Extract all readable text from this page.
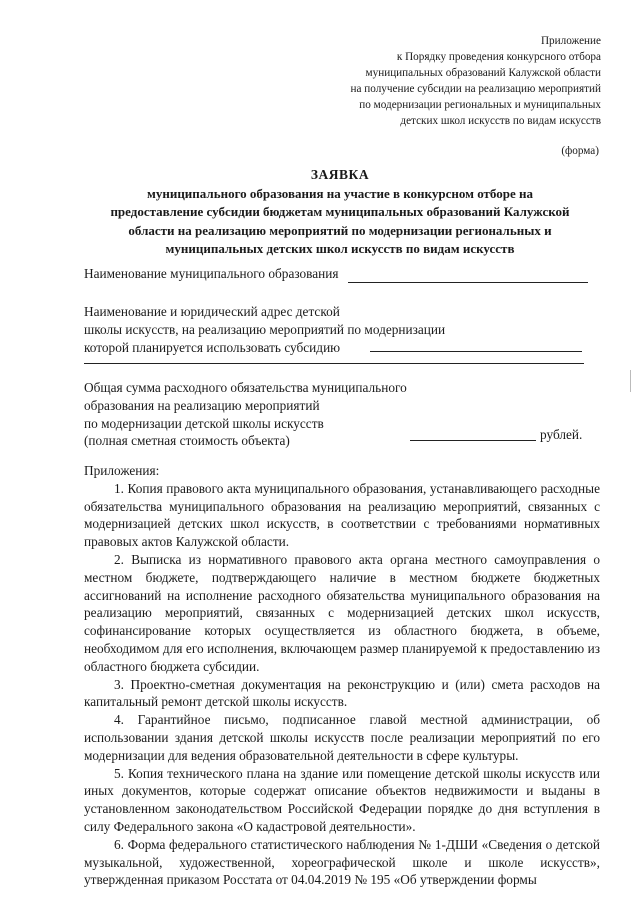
Приложение
к Порядку проведения конкурсного отбора
муниципальных образований Калужской области
на получение субсидии на реализацию мероприятий
по модернизации региональных и муниципальных
детских школ искусств по видам искусств
(форма)
ЗАЯВКА
муниципального образования на участие в конкурсном отборе на
предоставление субсидии бюджетам муниципальных образований Калужской
области на реализацию мероприятий по модернизации региональных и
муниципальных детских школ искусств по видам искусств
Наименование муниципального образования
Наименование и юридический адрес детской
школы искусств, на реализацию мероприятий по модернизации
которой планируется использовать субсидию
Общая сумма расходного обязательства муниципального
образования на реализацию мероприятий
по модернизации детской школы искусств
(полная сметная стоимость объекта)	рублей.
Приложения:

1. Копия правового акта муниципального образования, устанавливающего расходные обязательства муниципального образования на реализацию мероприятий, связанных с модернизацией детских школ искусств, в соответствии с требованиями нормативных правовых актов Калужской области.

2. Выписка из нормативного правового акта органа местного самоуправления о местном бюджете, подтверждающего наличие в местном бюджете бюджетных ассигнований на исполнение расходного обязательства муниципального образования на реализацию мероприятий, связанных с модернизацией детских школ искусств, софинансирование которых осуществляется из областного бюджета, в объеме, необходимом для его исполнения, включающем размер планируемой к предоставлению из областного бюджета субсидии.

3. Проектно-сметная документация на реконструкцию и (или) смета расходов на капитальный ремонт детской школы искусств.

4. Гарантийное письмо, подписанное главой местной администрации, об использовании здания детской школы искусств после реализации мероприятий по его модернизации для ведения образовательной деятельности в сфере культуры.

5. Копия технического плана на здание или помещение детской школы искусств или иных документов, которые содержат описание объектов недвижимости и выданы в установленном законодательством Российской Федерации порядке до дня вступления в силу Федерального закона «О кадастровой деятельности».

6. Форма федерального статистического наблюдения № 1-ДШИ «Сведения о детской музыкальной, художественной, хореографической школе и школе искусств», утвержденная приказом Росстата от 04.04.2019 № 195 «Об утверждении формы
